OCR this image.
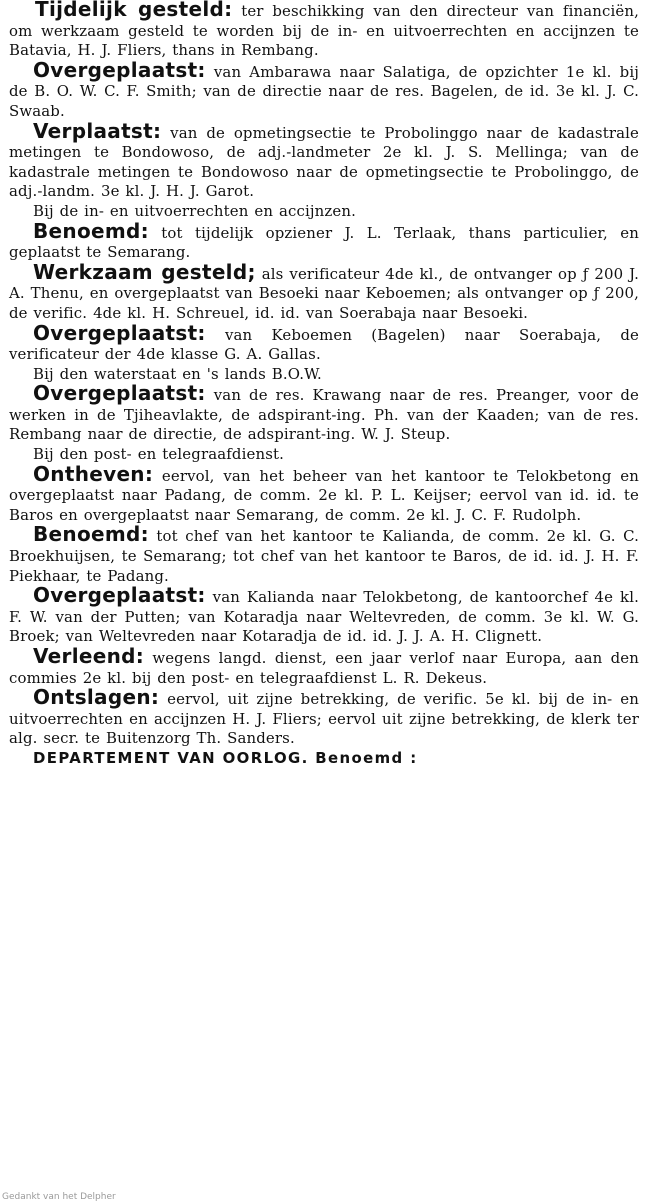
Tijdelijk gesteld: ter beschikking van den directeur van financiën, om werkzaam gesteld te worden bij de in- en uitvoerrechten en accijnzen te Batavia, H. J. Fliers, thans in Rembang.

Overgeplaatst: van Ambarawa naar Salatiga, de opzichter 1e kl. bij de B. O. W. C. F. Smith; van de directie naar de res. Bagelen, de id. 3e kl. J. C. Swaab.

Verplaatst: van de opmetingsectie te Probolinggo naar de kadastrale metingen te Bondowoso, de adj.-landmeter 2e kl. J. S. Mellinga; van de kadastrale metingen te Bondowoso naar de opmetingsectie te Probolinggo, de adj.-landm. 3e kl. J. H. J. Garot.

Bij de in- en uitvoerrechten en accijnzen.

Benoemd: tot tijdelijk opziener J. L. Terlaak, thans particulier, en geplaatst te Semarang.

Werkzaam gesteld; als verificateur 4de kl., de ontvanger op ƒ 200 J. A. Thenu, en overgeplaatst van Besoeki naar Keboemen; als ontvanger op ƒ 200, de verific. 4de kl. H. Schreuel, id. id. van Soerabaja naar Besoeki.

Overgeplaatst: van Keboemen (Bagelen) naar Soerabaja, de verificateur der 4de klasse G. A. Gallas.

Bij den waterstaat en 's lands B.O.W.

Overgeplaatst: van de res. Krawang naar de res. Preanger, voor de werken in de Tjiheavlakte, de adspirant-ing. Ph. van der Kaaden; van de res. Rembang naar de directie, de adspirant-ing. W. J. Steup.

Bij den post- en telegraafdienst.

Ontheven: eervol, van het beheer van het kantoor te Telokbetong en overgeplaatst naar Padang, de comm. 2e kl. P. L. Keijser; eervol van id. id. te Baros en overgeplaatst naar Semarang, de comm. 2e kl. J. C. F. Rudolph.

Benoemd: tot chef van het kantoor te Kalianda, de comm. 2e kl. G. C. Broekhuijsen, te Semarang; tot chef van het kantoor te Baros, de id. id. J. H. F. Piekhaar, te Padang.

Overgeplaatst: van Kalianda naar Telokbetong, de kantoorchef 4e kl. F. W. van der Putten; van Kotaradja naar Weltevreden, de comm. 3e kl. W. G. Broek; van Weltevreden naar Kotaradja de id. id. J. J. A. H. Clignett.

Verleend: wegens langd. dienst, een jaar verlof naar Europa, aan den commies 2e kl. bij den post- en telegraafdienst L. R. Dekeus.

Ontslagen: eervol, uit zijne betrekking, de verific. 5e kl. bij de in- en uitvoerrechten en accijnzen H. J. Fliers; eervol uit zijne betrekking, de klerk ter alg. secr. te Buitenzorg Th. Sanders.

DEPARTEMENT VAN OORLOG. Benoemd :

Gedankt van het Delpher
